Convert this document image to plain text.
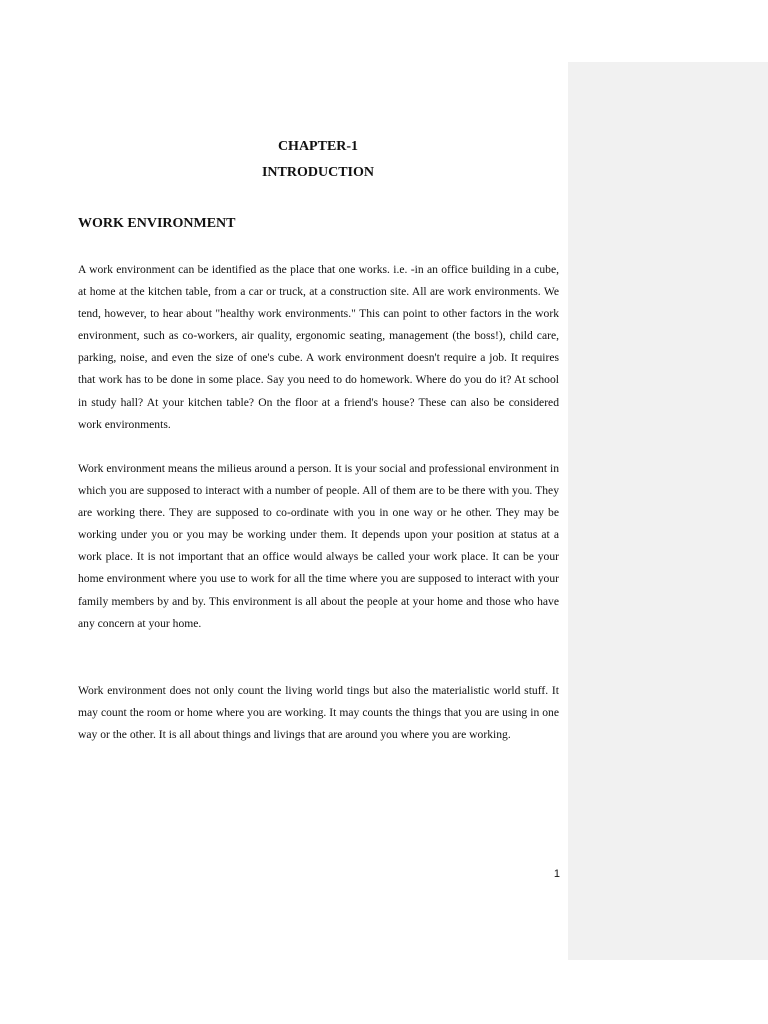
CHAPTER-1
INTRODUCTION
WORK ENVIRONMENT

A work environment can be identified as the place that one works. i.e. -in an office building in a cube, at home at the kitchen table, from a car or truck, at a construction site. All are work environments. We tend, however, to hear about "healthy work environments." This can point to other factors in the work environment, such as co-workers, air quality, ergonomic seating, management (the boss!), child care, parking, noise, and even the size of one's cube. A work environment doesn't require a job. It requires that work has to be done in some place. Say you need to do homework. Where do you do it? At school in study hall? At your kitchen table? On the floor at a friend's house? These can also be considered work environments.

Work environment means the milieus around a person. It is your social and professional environment in which you are supposed to interact with a number of people. All of them are to be there with you. They are working there. They are supposed to co-ordinate with you in one way or he other. They may be working under you or you may be working under them. It depends upon your position at status at a work place. It is not important that an office would always be called your work place. It can be your home environment where you use to work for all the time where you are supposed to interact with your family members by and by. This environment is all about the people at your home and those who have any concern at your home.

Work environment does not only count the living world tings but also the materialistic world stuff. It may count the room or home where you are working. It may counts the things that you are using in one way or the other. It is all about things and livings that are around you where you are working.

1
